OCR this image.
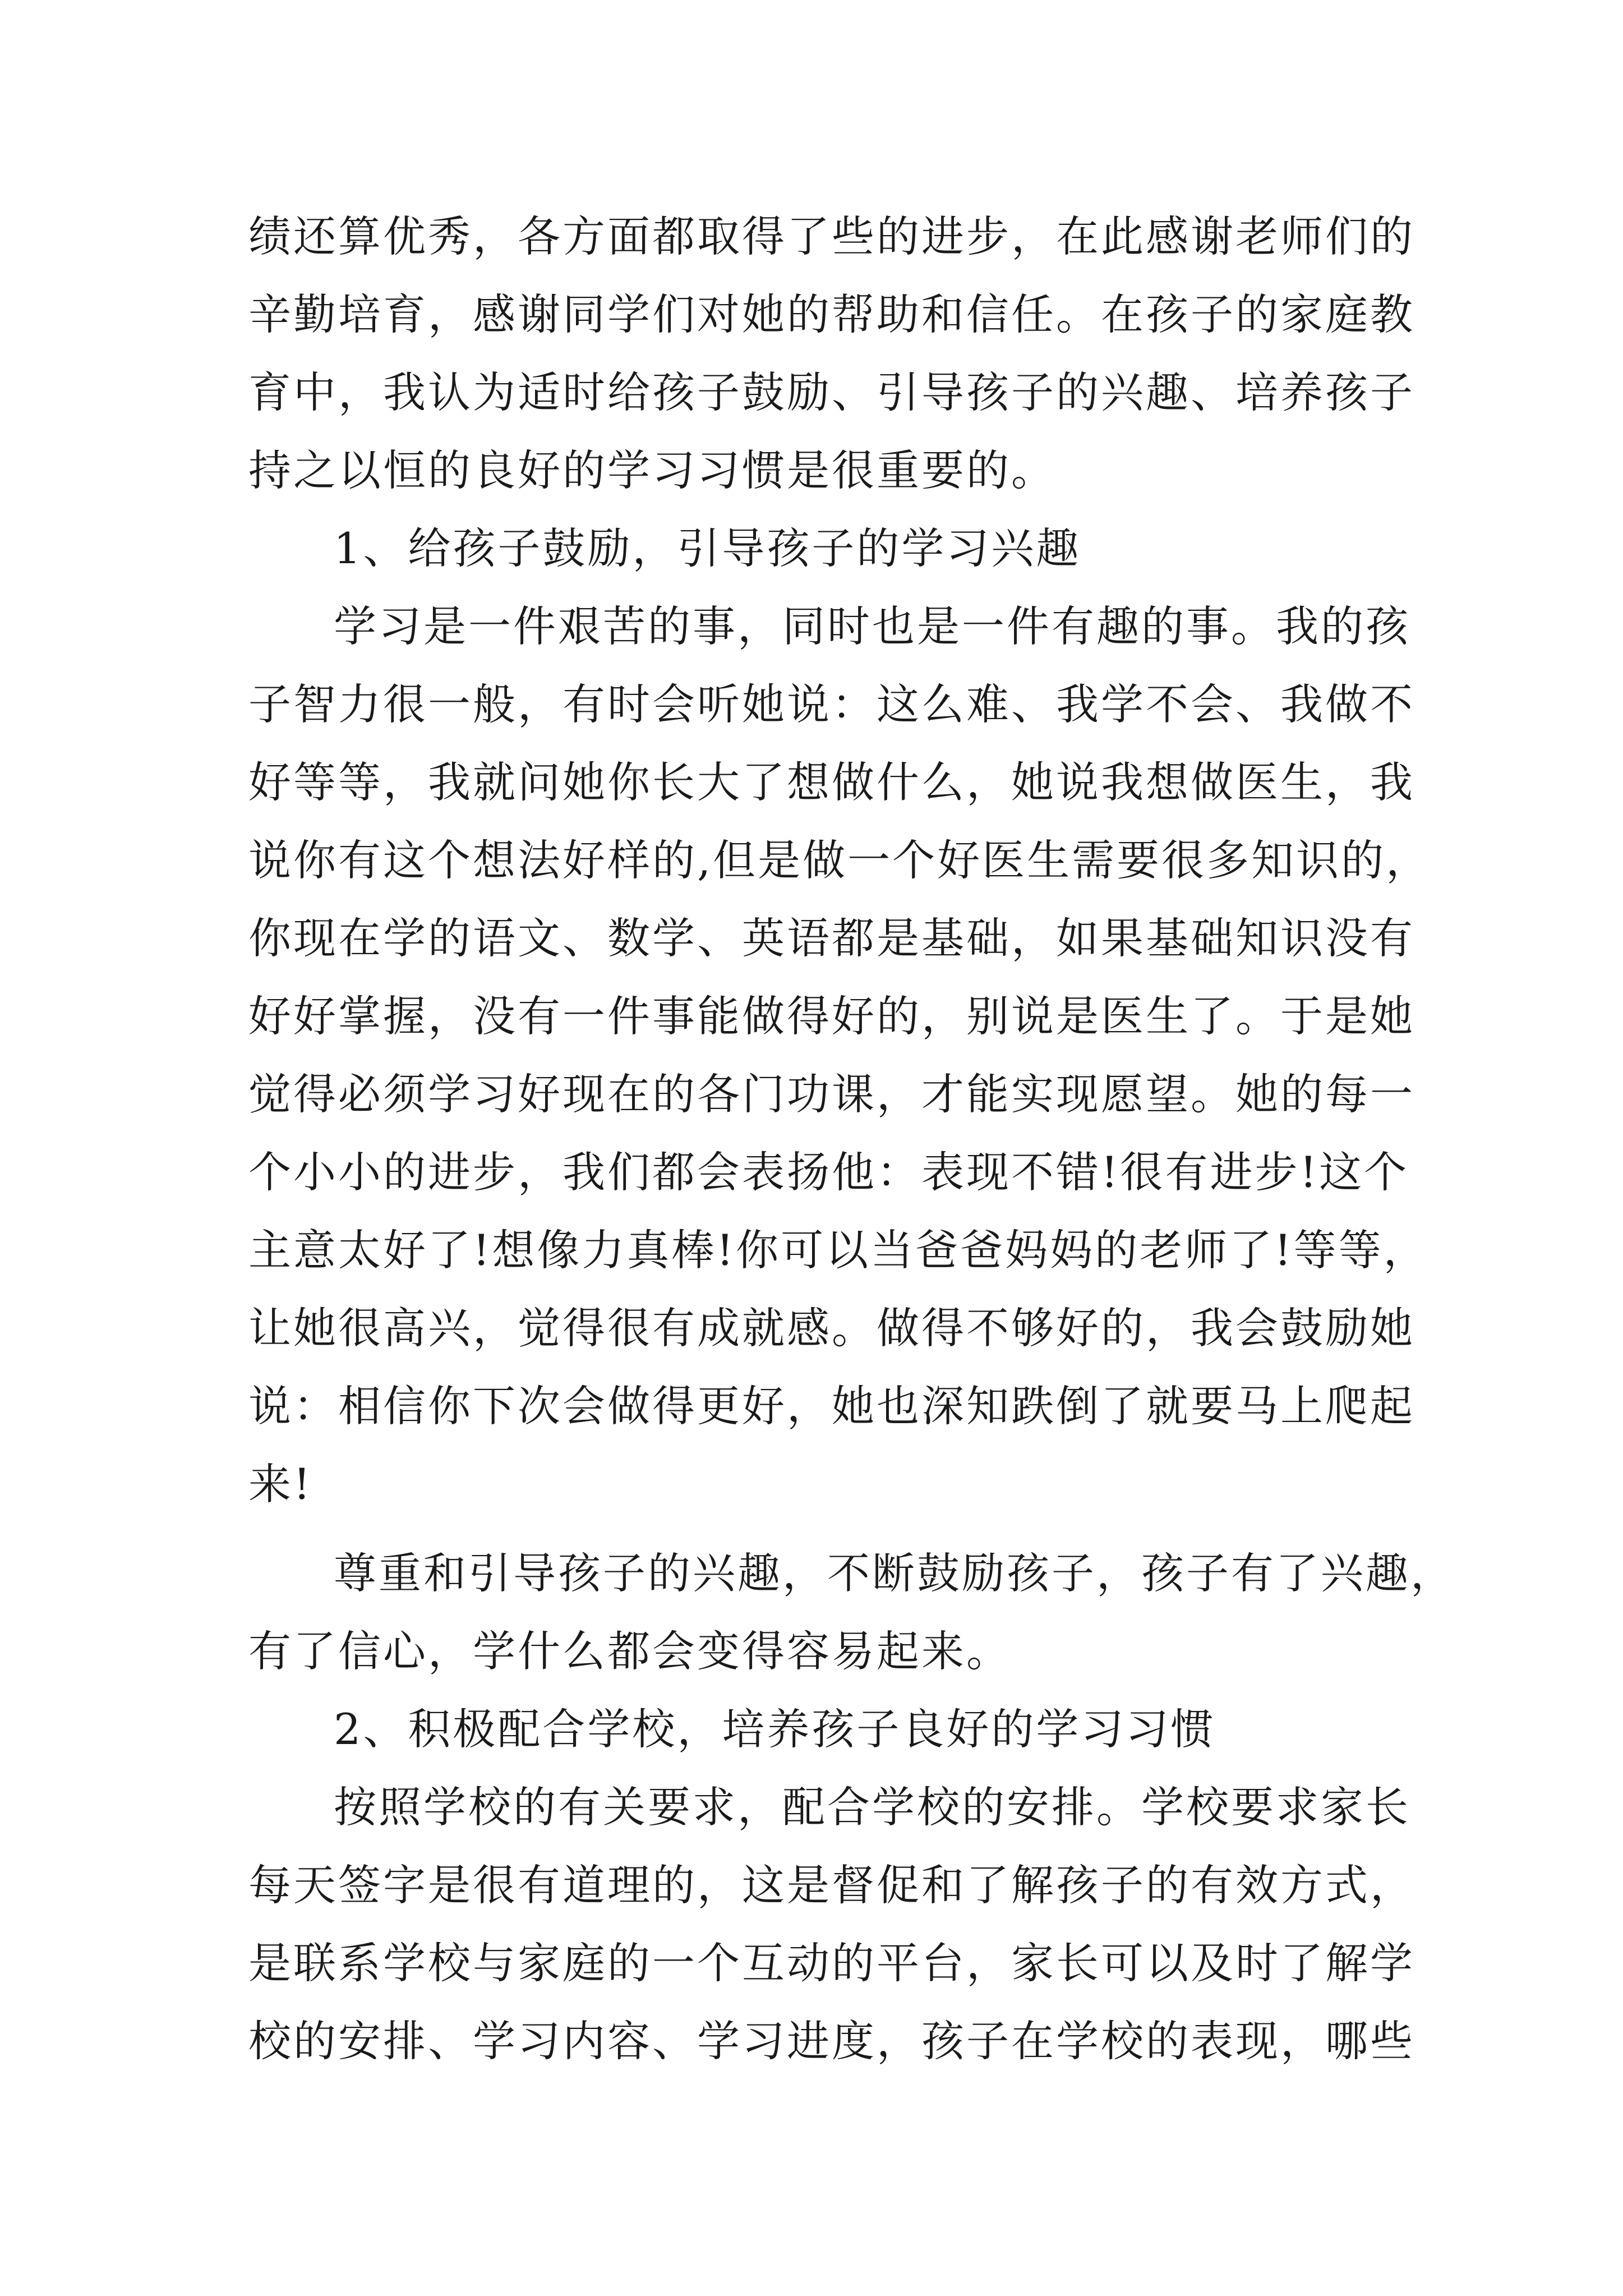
绩还算优秀，各方面都取得了些的进步，在此感谢老师们的
辛勤培育，感谢同学们对她的帮助和信任。在孩子的家庭教
育中，我认为适时给孩子鼓励、引导孩子的兴趣、培养孩子
持之以恒的良好的学习习惯是很重要的。
1、给孩子鼓励，引导孩子的学习兴趣
学习是一件艰苦的事，同时也是一件有趣的事。我的孩
子智力很一般，有时会听她说：这么难、我学不会、我做不
好等等，我就问她你长大了想做什么，她说我想做医生，我
说你有这个想法好样的,但是做一个好医生需要很多知识的，
你现在学的语文、数学、英语都是基础，如果基础知识没有
好好掌握，没有一件事能做得好的，别说是医生了。于是她
觉得必须学习好现在的各门功课，才能实现愿望。她的每一
个小小的进步，我们都会表扬他：表现不错!很有进步!这个
主意太好了!想像力真棒!你可以当爸爸妈妈的老师了!等等，
让她很高兴，觉得很有成就感。做得不够好的，我会鼓励她
说：相信你下次会做得更好，她也深知跌倒了就要马上爬起
来!
尊重和引导孩子的兴趣，不断鼓励孩子，孩子有了兴趣，
有了信心，学什么都会变得容易起来。
2、积极配合学校，培养孩子良好的学习习惯
按照学校的有关要求，配合学校的安排。学校要求家长
每天签字是很有道理的，这是督促和了解孩子的有效方式，
是联系学校与家庭的一个互动的平台，家长可以及时了解学
校的安排、学习内容、学习进度，孩子在学校的表现，哪些
